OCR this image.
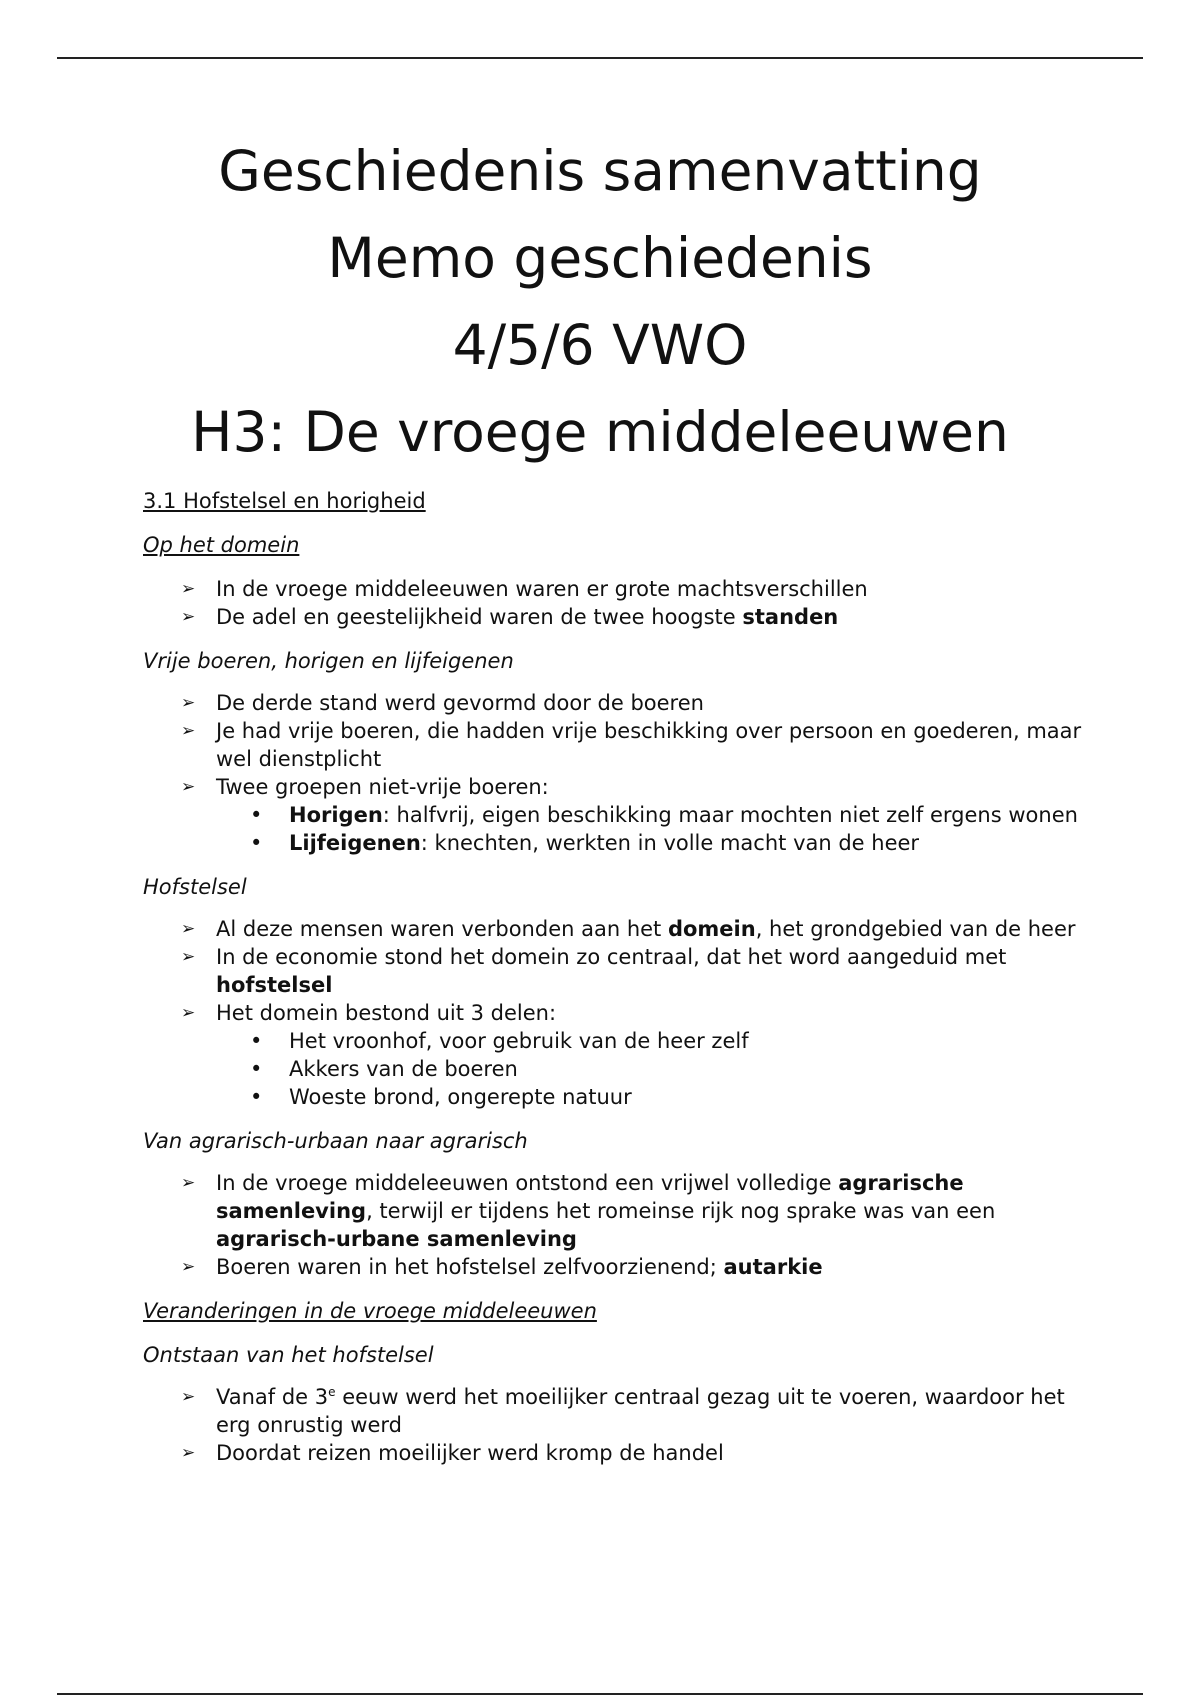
Geschiedenis samenvatting
Memo geschiedenis
4/5/6 VWO
H3: De vroege middeleeuwen
3.1 Hofstelsel en horigheid
Op het domein
➢ In de vroege middeleeuwen waren er grote machtsverschillen
➢ De adel en geestelijkheid waren de twee hoogste standen
Vrije boeren, horigen en lijfeigenen
➢ De derde stand werd gevormd door de boeren
➢ Je had vrije boeren, die hadden vrije beschikking over persoon en goederen, maar wel dienstplicht
➢ Twee groepen niet-vrije boeren:
• Horigen: halfvrij, eigen beschikking maar mochten niet zelf ergens wonen
• Lijfeigenen: knechten, werkten in volle macht van de heer
Hofstelsel
➢ Al deze mensen waren verbonden aan het domein, het grondgebied van de heer
➢ In de economie stond het domein zo centraal, dat het word aangeduid met hofstelsel
➢ Het domein bestond uit 3 delen:
• Het vroonhof, voor gebruik van de heer zelf
• Akkers van de boeren
• Woeste brond, ongerepte natuur
Van agrarisch-urbaan naar agrarisch
➢ In de vroege middeleeuwen ontstond een vrijwel volledige agrarische samenleving, terwijl er tijdens het romeinse rijk nog sprake was van een agrarisch-urbane samenleving
➢ Boeren waren in het hofstelsel zelfvoorzienend; autarkie
Veranderingen in de vroege middeleeuwen
Ontstaan van het hofstelsel
➢ Vanaf de 3e eeuw werd het moeilijker centraal gezag uit te voeren, waardoor het erg onrustig werd
➢ Doordat reizen moeilijker werd kromp de handel
